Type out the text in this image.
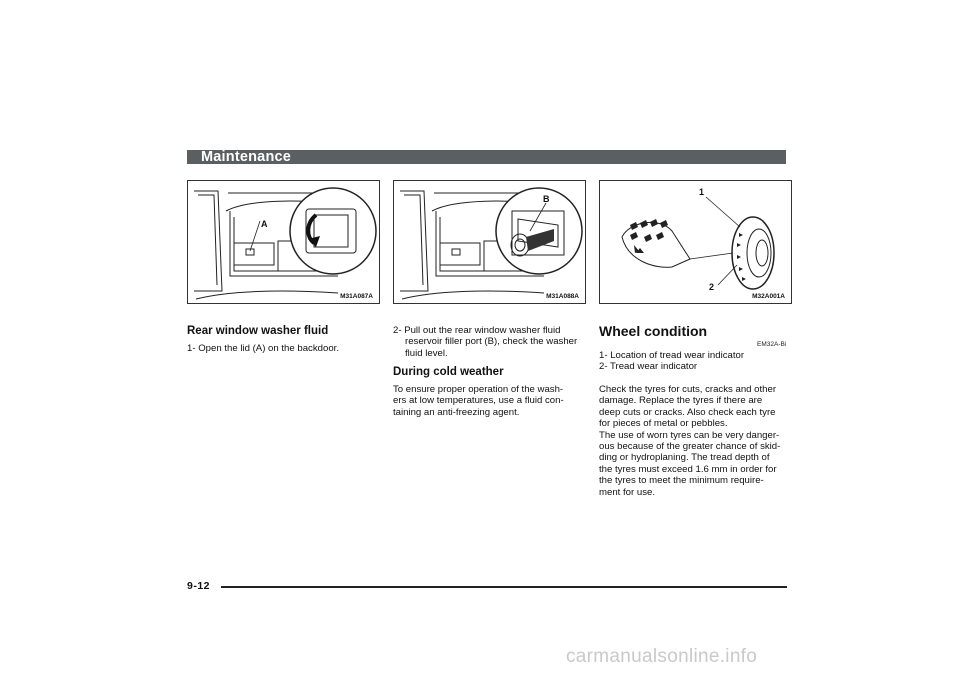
Maintenance
A
M31A087A
B
M31A088A
1
2
M32A001A
Rear window washer fluid

1- Open the lid (A) on the backdoor.

2- Pull out the rear window washer fluid

reservoir filler port (B), check the washer

fluid level.

During cold weather

To ensure proper operation of the wash-

ers at low temperatures, use a fluid con-

taining an anti-freezing agent.

Wheel condition
EM32A-Bi

1- Location of tread wear indicator

2- Tread wear indicator

Check the tyres for cuts, cracks and other

damage. Replace the tyres if there are

deep cuts or cracks. Also check each tyre

for pieces of metal or pebbles.

The use of worn tyres can be very danger-

ous because of the greater chance of skid-

ding or hydroplaning. The tread depth of

the tyres must exceed 1.6 mm in order for

the tyres to meet the minimum require-

ment for use.

9-12
carmanualsonline.info
